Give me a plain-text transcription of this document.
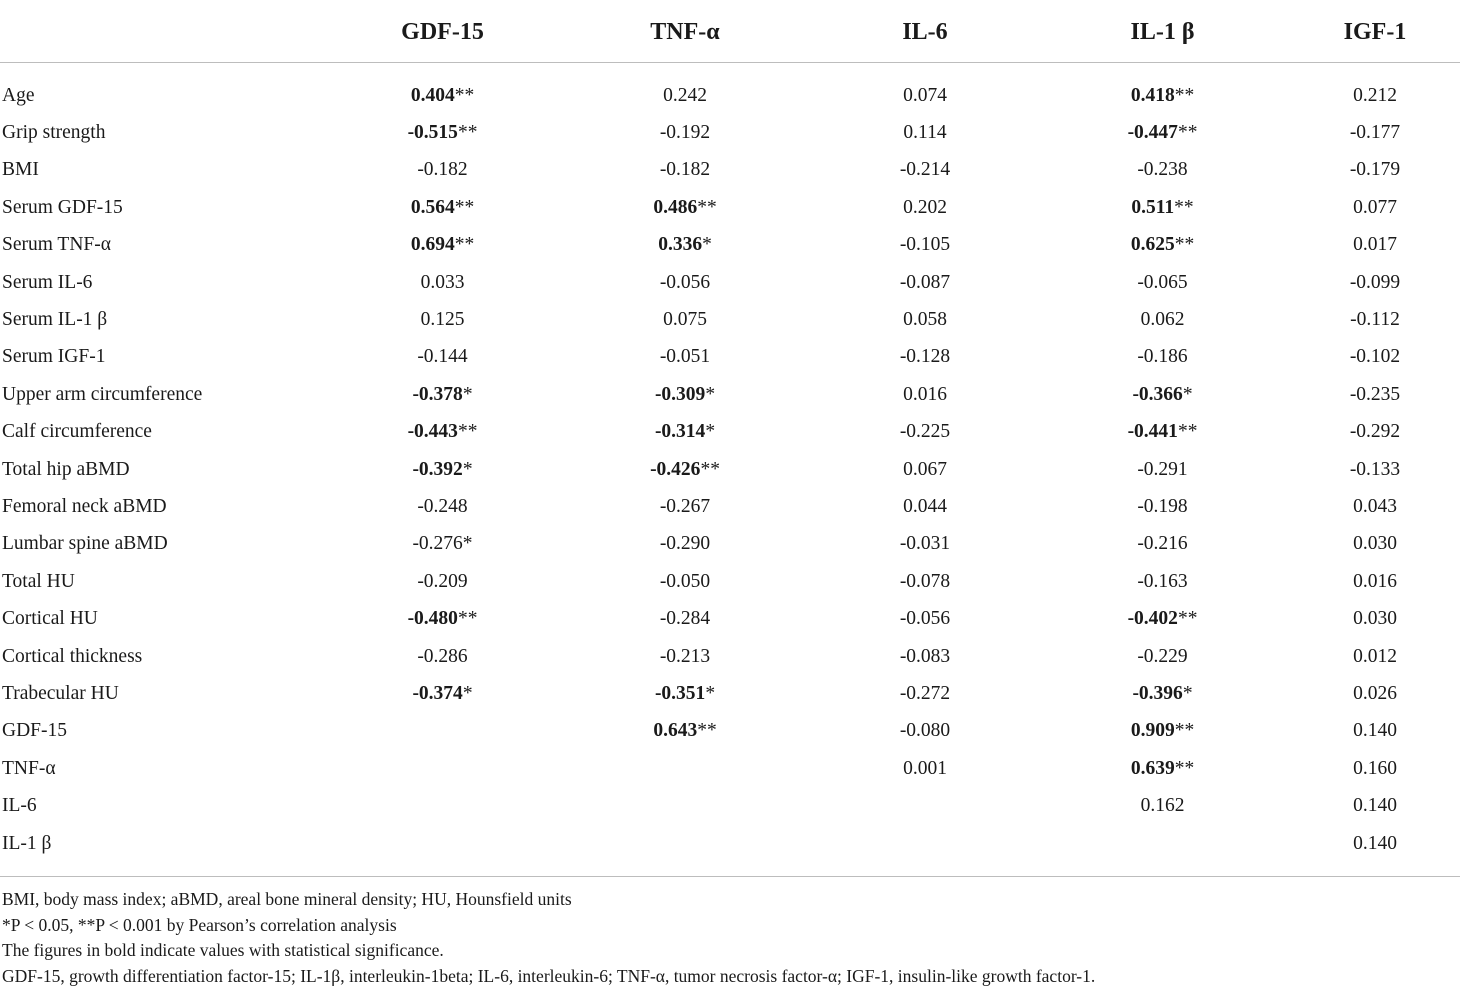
	GDF-15	TNF-α	IL-6	IL-1 β	IGF-1
Age	0.404**	0.242	0.074	0.418**	0.212
Grip strength	-0.515**	-0.192	0.114	-0.447**	-0.177
BMI	-0.182	-0.182	-0.214	-0.238	-0.179
Serum GDF-15	0.564**	0.486**	0.202	0.511**	0.077
Serum TNF-α	0.694**	0.336*	-0.105	0.625**	0.017
Serum IL-6	0.033	-0.056	-0.087	-0.065	-0.099
Serum IL-1 β	0.125	0.075	0.058	0.062	-0.112
Serum IGF-1	-0.144	-0.051	-0.128	-0.186	-0.102
Upper arm circumference	-0.378*	-0.309*	0.016	-0.366*	-0.235
Calf circumference	-0.443**	-0.314*	-0.225	-0.441**	-0.292
Total hip aBMD	-0.392*	-0.426**	0.067	-0.291	-0.133
Femoral neck aBMD	-0.248	-0.267	0.044	-0.198	0.043
Lumbar spine aBMD	-0.276*	-0.290	-0.031	-0.216	0.030
Total HU	-0.209	-0.050	-0.078	-0.163	0.016
Cortical HU	-0.480**	-0.284	-0.056	-0.402**	0.030
Cortical thickness	-0.286	-0.213	-0.083	-0.229	0.012
Trabecular HU	-0.374*	-0.351*	-0.272	-0.396*	0.026
GDF-15		0.643**	-0.080	0.909**	0.140
TNF-α			0.001	0.639**	0.160
IL-6				0.162	0.140
IL-1 β					0.140
BMI, body mass index; aBMD, areal bone mineral density; HU, Hounsfield units
*P < 0.05, **P < 0.001 by Pearson’s correlation analysis
The figures in bold indicate values with statistical significance.
GDF-15, growth differentiation factor-15; IL-1β, interleukin-1beta; IL-6, interleukin-6; TNF-α, tumor necrosis factor-α; IGF-1, insulin-like growth factor-1.
